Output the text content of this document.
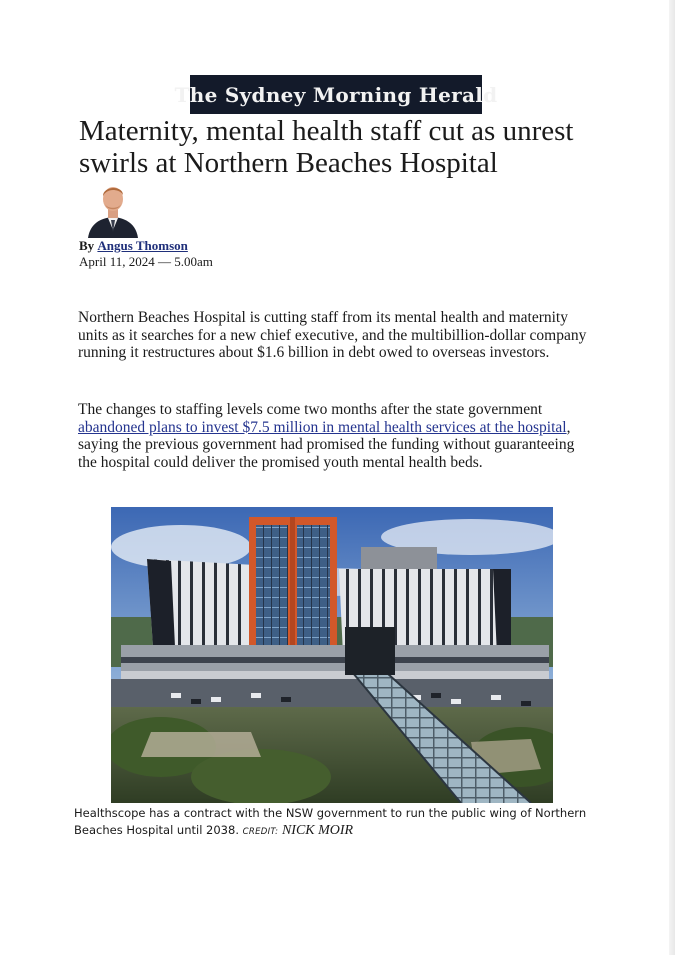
The Sydney Morning Herald
Maternity, mental health staff cut as unrest swirls at Northern Beaches Hospital
By Angus Thomson
April 11, 2024 — 5.00am

Northern Beaches Hospital is cutting staff from its mental health and maternity units as it searches for a new chief executive, and the multibillion-dollar company running it restructures about $1.6 billion in debt owed to overseas investors.

The changes to staffing levels come two months after the state government abandoned plans to invest $7.5 million in mental health services at the hospital, saying the previous government had promised the funding without guaranteeing the hospital could deliver the promised youth mental health beds.

Healthscope has a contract with the NSW government to run the public wing of Northern Beaches Hospital until 2038. CREDIT: NICK MOIR
